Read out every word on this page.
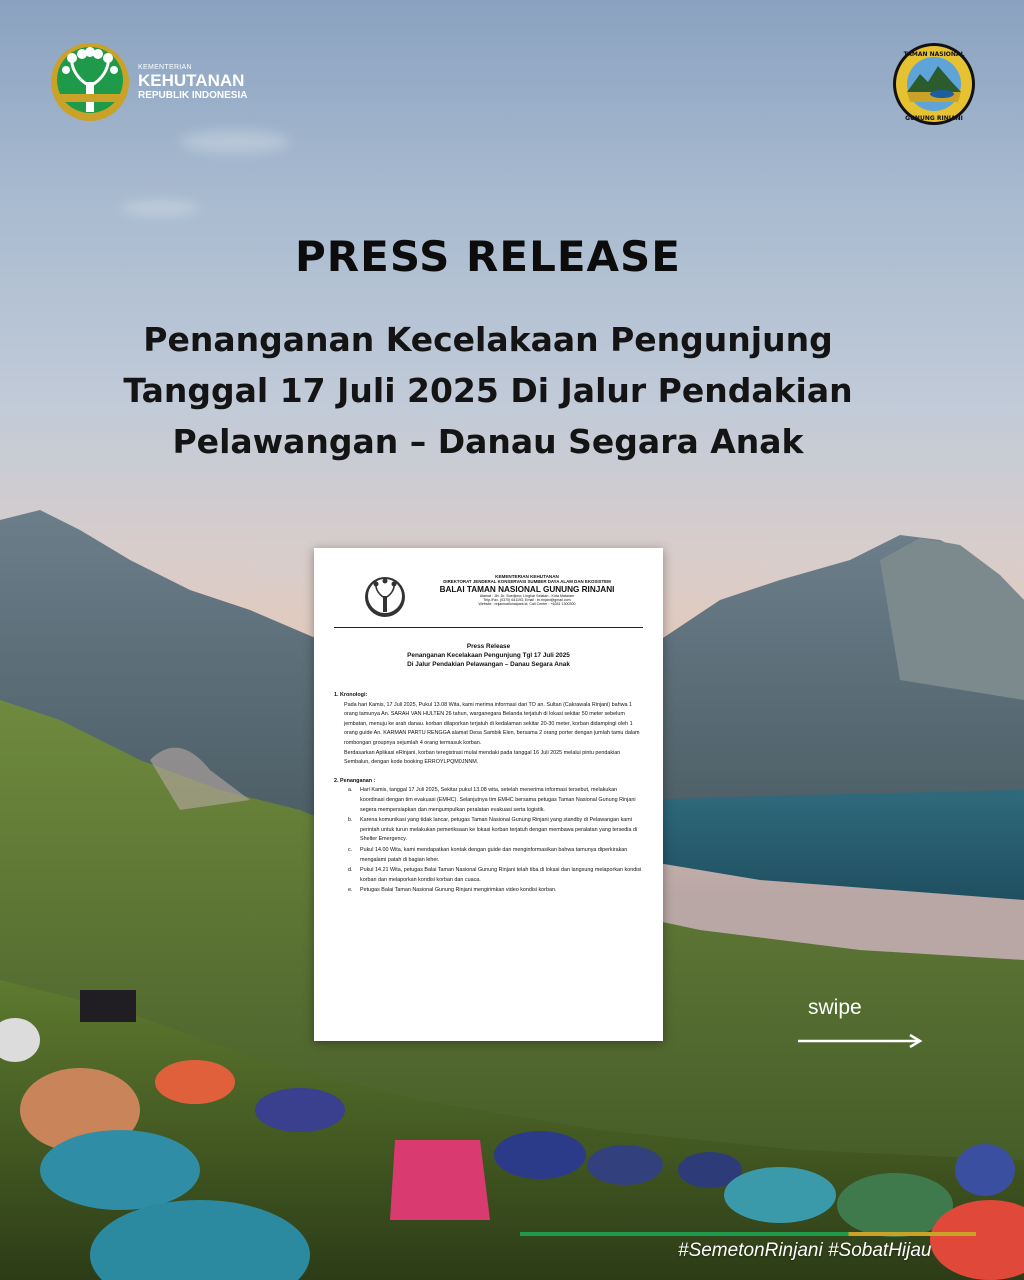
KEMENTERIAN
KEHUTANAN
REPUBLIK INDONESIA
TAMAN NASIONAL
GUNUNG RINJANI
PRESS RELEASE
Penanganan Kecelakaan Pengunjung
Tanggal 17 Juli 2025 Di Jalur Pendakian
Pelawangan – Danau Segara Anak
KEMENTERIAN KEHUTANAN
DIREKTORAT JENDERAL KONSERVASI SUMBER DAYA ALAM DAN EKOSISTEM
BALAI TAMAN NASIONAL GUNUNG RINJANI
Alamat : Jln. Dr. Soedjono, Lingkar Selatan - Kota Mataram
Telp./Fax. (0370) 641193, Email : tn.rinjani@gmail.com
Website : rinjaninationalpark.id, Call Center : +6281 1300300
Press Release
Penanganan Kecelakaan Pengunjung Tgl 17 Juli 2025
Di Jalur Pendakian Pelawangan – Danau Segara Anak
1. Kronologi:
Pada hari Kamis, 17 Juli 2025, Pukul 13.08 Wita, kami merima informasi dari TO an. Sultan (Cakrawala Rinjani) bahwa 1 orang tamunya An. SARAH VAN HULTEN 26 tahun, warganegara Belanda terjatuh di lokasi sekitar 50 meter sebelum jembatan, menuju ke arah danau. korban dilaporkan terjatuh di kedalaman sekitar 20-30 meter, korban didampingi oleh 1 orang guide An. KARMAN PARTU RENGGA alamat Desa Sambik Elen, bersama 2 orang porter dengan jumlah tamu dalam rombongan groupnya sejumlah 4 orang termasuk korban.
Berdasarkan Aplikasi eRinjani, korban teregistrasi mulai mendaki pada tanggal 16 Juli 2025 melalui pintu pendakian Sembalun, dengan kode booking ERROYLPQM0JNNM.
2. Penanganan :
a. Hari Kamis, tanggal 17 Juli 2025, Sekitar pukul 13.08 wita, setelah menerima informasi tersebut, melakukan koordinasi dengan tim evakuasi (EMHC). Selanjutnya tim EMHC bersama petugas Taman Nasional Gunung Rinjani segera mempersiapkan dan mengumpulkan peralatan evakuasi serta logistik.
b. Karena komunikasi yang tidak lancar, petugas Taman Nasional Gunung Rinjani yang standby di Pelawangan kami perintah untuk turun melakukan pemeriksaan ke lokasi korban terjatuh dengan membawa peralatan yang tersedia di Shelter Emergency.
c.	Pukul 14.00 Wita, kami mendapatkan kontak dengan guide dan menginformasikan bahwa tamunya diperkirakan mengalami patah di bagian leher.
d. Pukul 14.21 Wita, petugas Balai Taman Nasional Gunung Rinjani telah tiba di lokasi dan langsung melaporkan kondisi korban dan melaporkan kondisi korban dan cuaca.
e. Petugas Balai Taman Nasional Gunung Rinjani mengirimkan video kondisi korban.
swipe
#SemetonRinjani #SobatHijau
